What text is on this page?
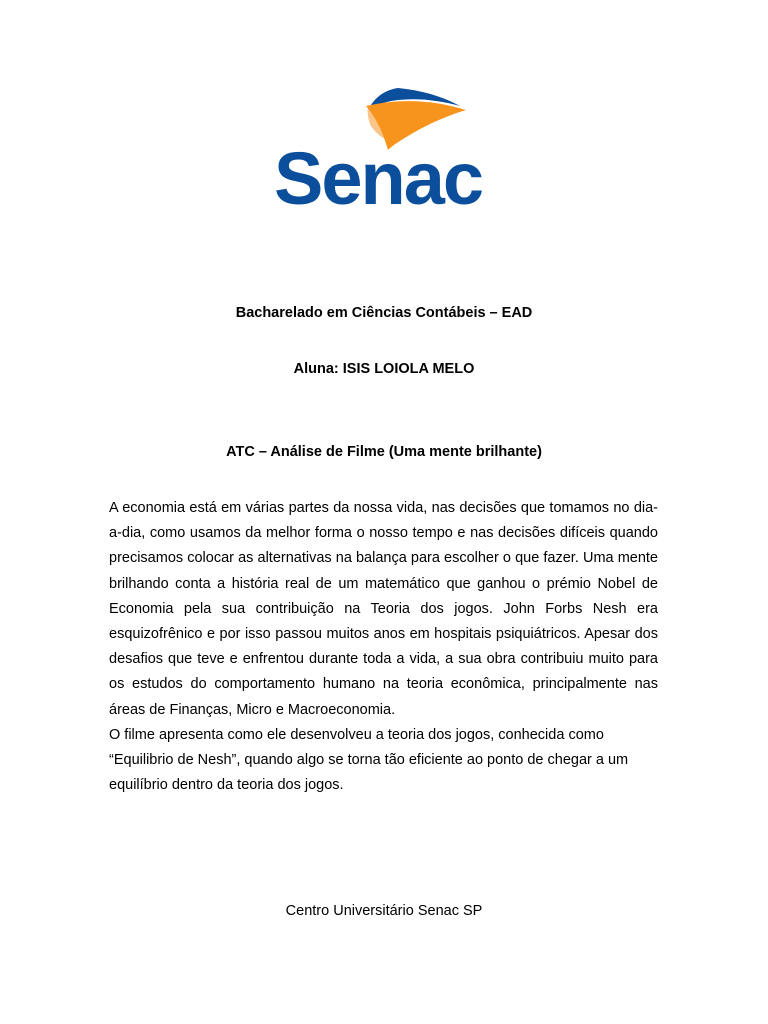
Senac
Bacharelado em Ciências Contábeis – EAD
Aluna: ISIS LOIOLA MELO
ATC – Análise de Filme (Uma mente brilhante)

A economia está em várias partes da nossa vida, nas decisões que tomamos no dia-a-dia, como usamos da melhor forma o nosso tempo e nas decisões difíceis quando precisamos colocar as alternativas na balança para escolher o que fazer. Uma mente brilhando conta a história real de um matemático que ganhou o prémio Nobel de Economia pela sua contribuição na Teoria dos jogos. John Forbs Nesh era esquizofrênico e por isso passou muitos anos em hospitais psiquiátricos. Apesar dos desafios que teve e enfrentou durante toda a vida, a sua obra contribuiu muito para os estudos do comportamento humano na teoria econômica, principalmente nas áreas de Finanças, Micro e Macroeconomia.

O filme apresenta como ele desenvolveu a teoria dos jogos, conhecida como “Equilibrio de Nesh”, quando algo se torna tão eficiente ao ponto de chegar a um equilíbrio dentro da teoria dos jogos.

Centro Universitário Senac SP
